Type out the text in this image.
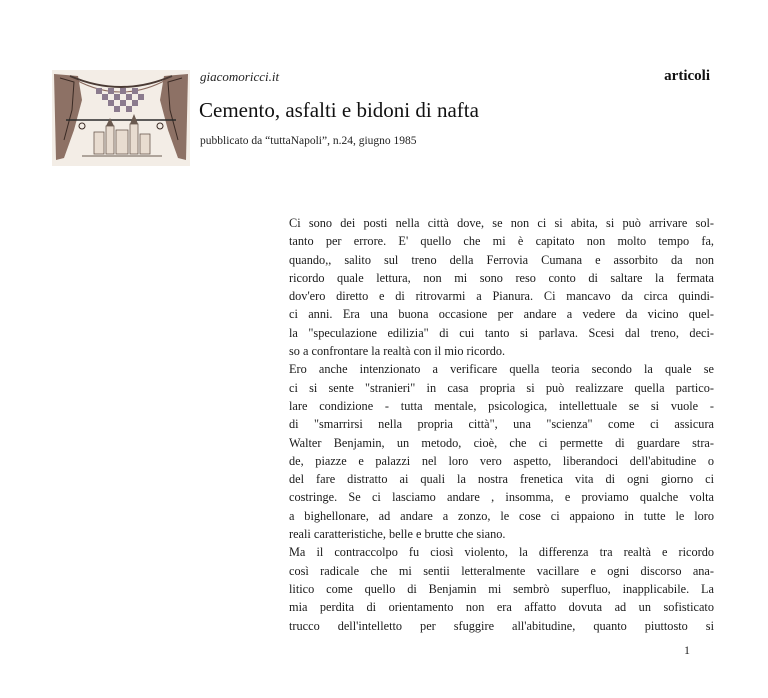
giacomoricci.it	articoli
Cemento, asfalti e bidoni di nafta
pubblicato da “tuttaNapoli”, n.24, giugno 1985
Ci sono dei posti nella città dove, se non ci si abita, si può arrivare sol-
tanto per errore. E' quello che mi è capitato non molto tempo fa,
quando,, salito sul treno della Ferrovia Cumana e assorbito da non
ricordo quale lettura, non mi sono reso conto di saltare la fermata
dov'ero diretto e di ritrovarmi a Pianura. Ci mancavo da circa quindi-
ci anni. Era una buona occasione per andare a vedere da vicino quel-
la "speculazione edilizia" di cui tanto si parlava. Scesi dal treno, deci-
so a confrontare la realtà con il mio ricordo.
Ero anche intenzionato a verificare quella teoria secondo la quale se
ci si sente "stranieri" in casa propria si può realizzare quella partico-
lare condizione - tutta mentale, psicologica, intellettuale se si vuole -
di "smarrirsi nella propria città", una "scienza" come ci assicura
Walter Benjamin, un metodo, cioè, che ci permette di guardare stra-
de, piazze e palazzi nel loro vero aspetto, liberandoci dell'abitudine o
del fare distratto ai quali la nostra frenetica vita di ogni giorno ci
costringe. Se ci lasciamo andare , insomma, e proviamo qualche volta
a bighellonare, ad andare a zonzo, le cose ci appaiono in tutte le loro
reali caratteristiche, belle e brutte che siano.
Ma il contraccolpo fu ciosì violento, la differenza tra realtà e ricordo
così radicale che mi sentii letteralmente vacillare e ogni discorso ana-
litico come quello di Benjamin mi sembrò superfluo, inapplicabile. La
mia perdita di orientamento non era affatto dovuta ad un sofisticato
trucco dell'intelletto per sfuggire all'abitudine, quanto piuttosto si
1
